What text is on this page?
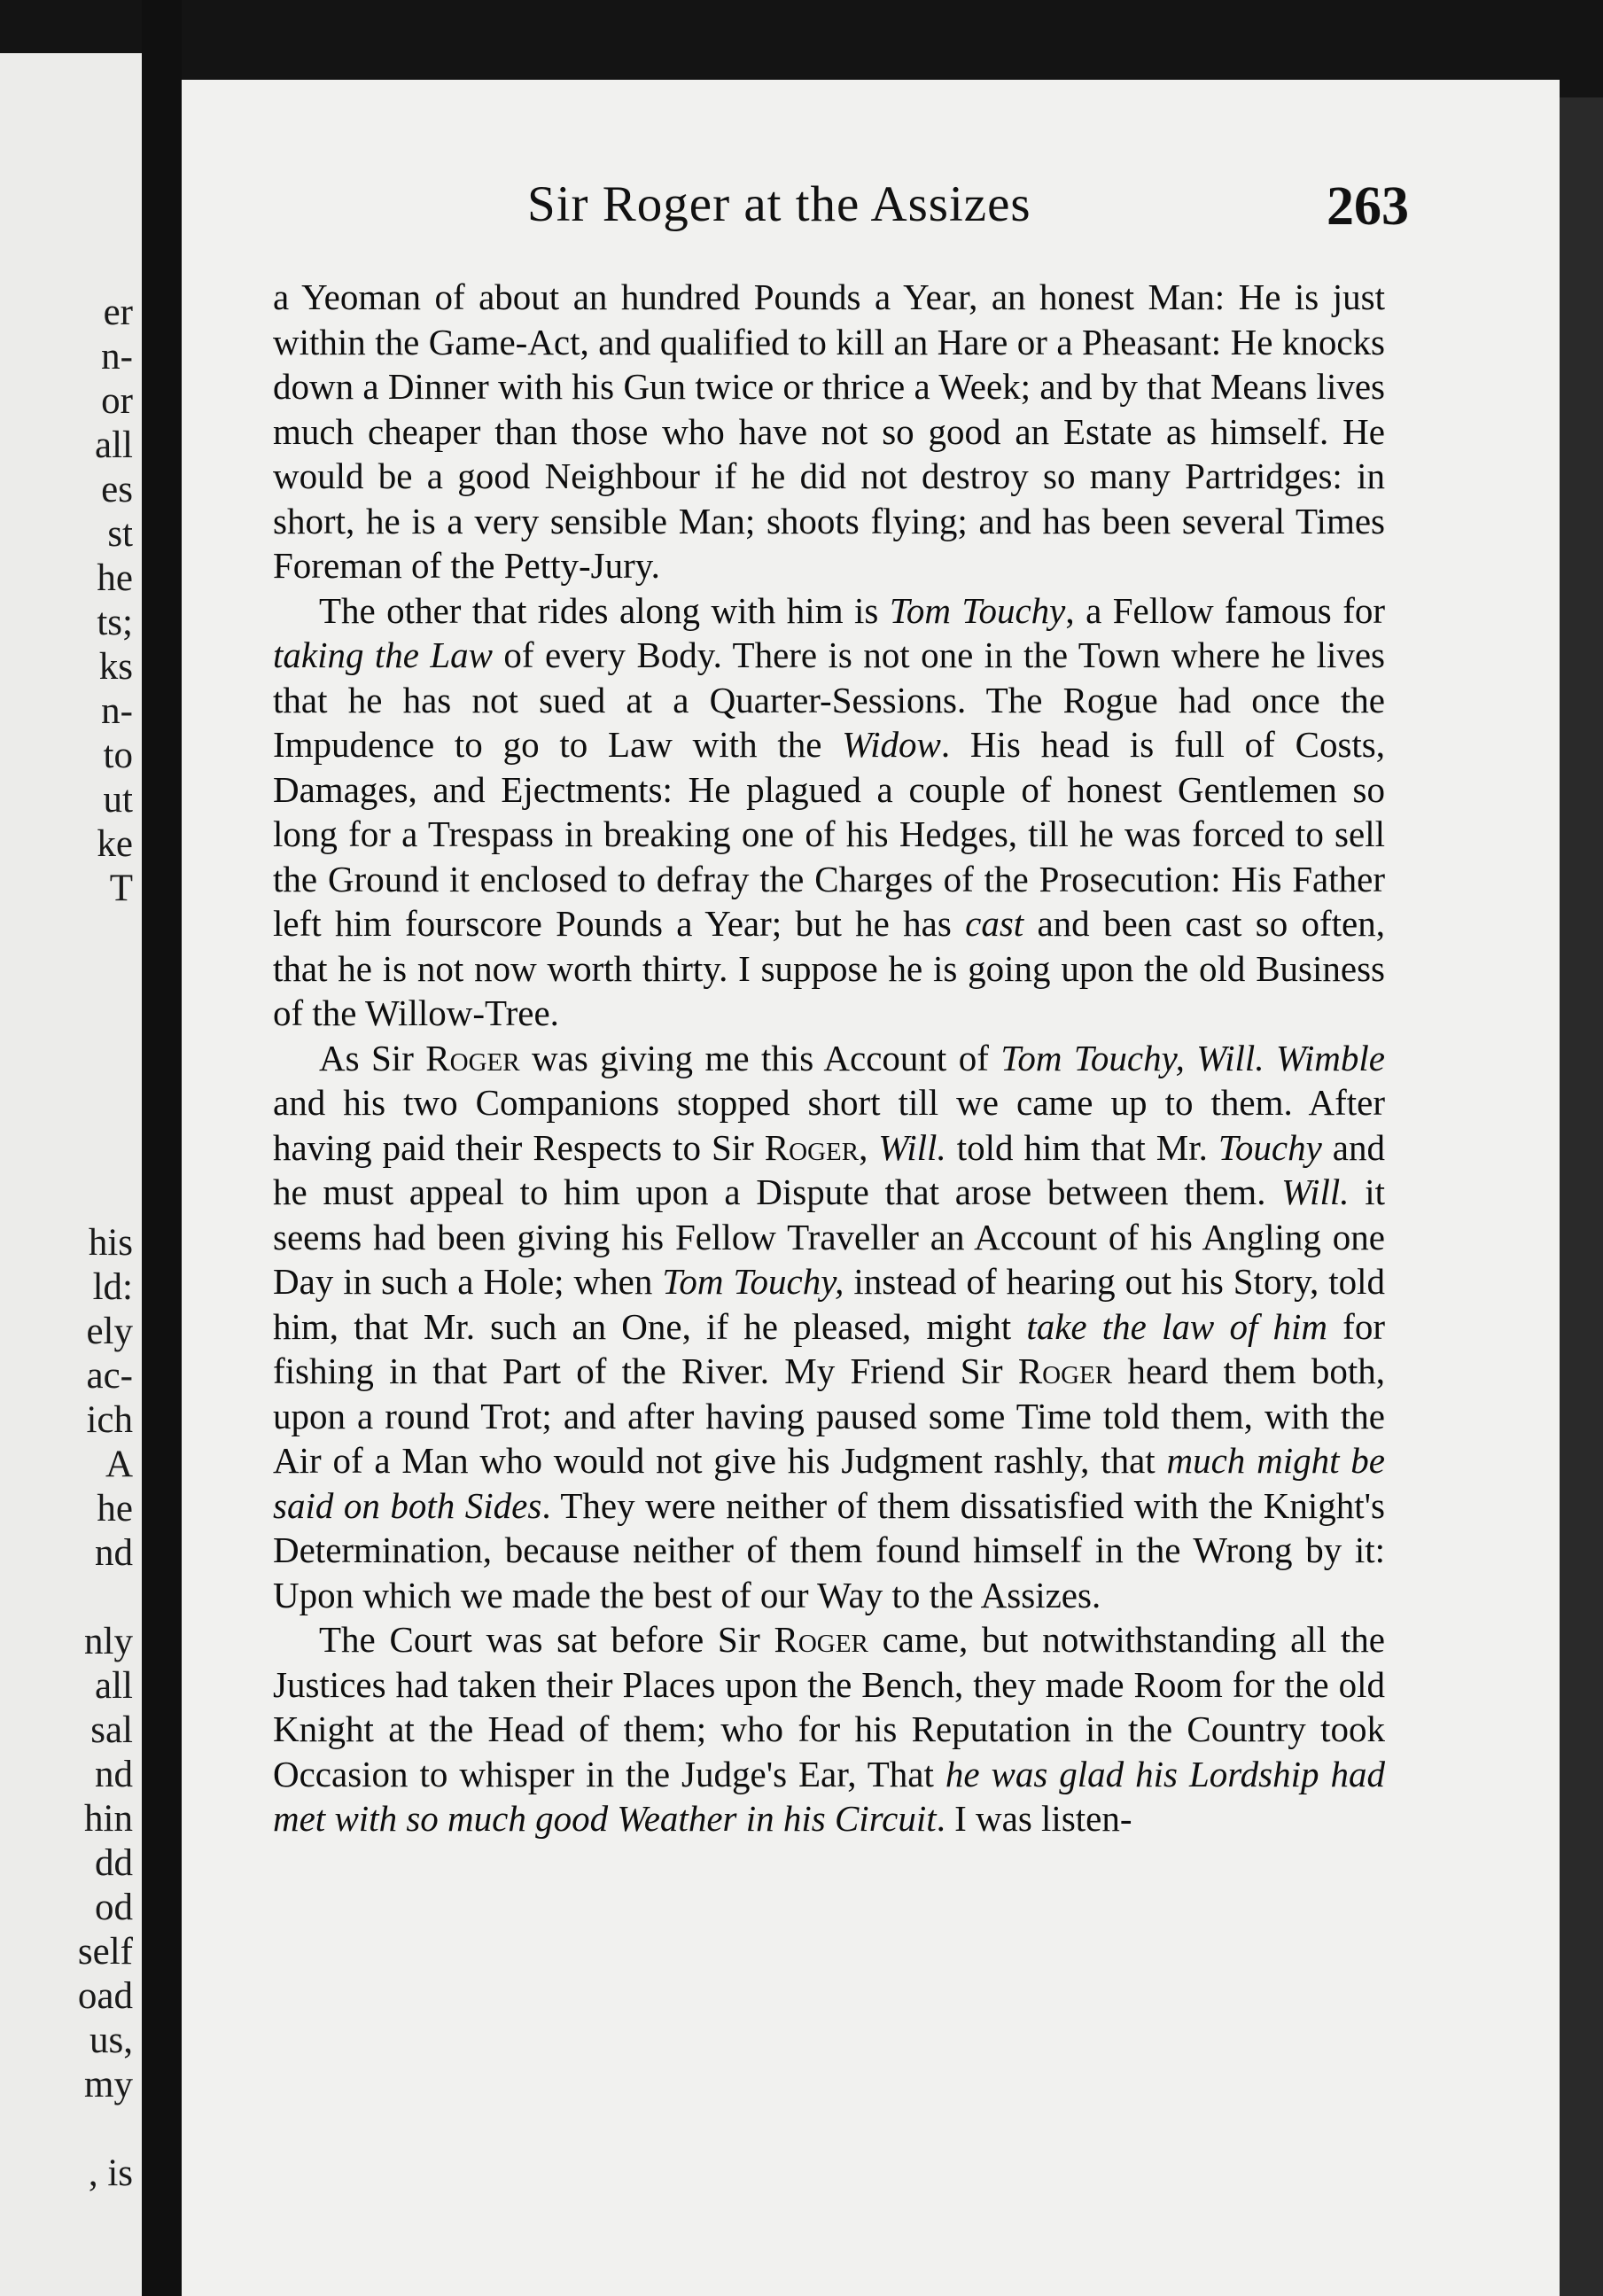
er
n-
or
all
es
st
he
ts;
ks
n-
to
ut
ke
T
his
ld:
ely
ac-
ich
A
he
nd
nly
all
sal
nd
hin
dd
od
self
oad
us,
my
, is
Sir Roger at the Assizes	263

a Yeoman of about an hundred Pounds a Year, an honest Man: He is just within the Game-Act, and qualified to kill an Hare or a Pheasant: He knocks down a Dinner with his Gun twice or thrice a Week; and by that Means lives much cheaper than those who have not so good an Estate as himself. He would be a good Neighbour if he did not destroy so many Partridges: in short, he is a very sensible Man; shoots flying; and has been several Times Foreman of the Petty-Jury.

The other that rides along with him is Tom Touchy, a Fellow famous for taking the Law of every Body. There is not one in the Town where he lives that he has not sued at a Quarter-Sessions. The Rogue had once the Impudence to go to Law with the Widow. His head is full of Costs, Damages, and Ejectments: He plagued a couple of honest Gentlemen so long for a Trespass in breaking one of his Hedges, till he was forced to sell the Ground it enclosed to defray the Charges of the Prosecution: His Father left him fourscore Pounds a Year; but he has cast and been cast so often, that he is not now worth thirty. I suppose he is going upon the old Business of the Willow-Tree.

As Sir Roger was giving me this Account of Tom Touchy, Will. Wimble and his two Companions stopped short till we came up to them. After having paid their Respects to Sir Roger, Will. told him that Mr. Touchy and he must appeal to him upon a Dispute that arose between them. Will. it seems had been giving his Fellow Traveller an Account of his Angling one Day in such a Hole; when Tom Touchy, instead of hearing out his Story, told him, that Mr. such an One, if he pleased, might take the law of him for fishing in that Part of the River. My Friend Sir Roger heard them both, upon a round Trot; and after having paused some Time told them, with the Air of a Man who would not give his Judgment rashly, that much might be said on both Sides. They were neither of them dissatisfied with the Knight's Determination, because neither of them found himself in the Wrong by it: Upon which we made the best of our Way to the Assizes.

The Court was sat before Sir Roger came, but notwithstanding all the Justices had taken their Places upon the Bench, they made Room for the old Knight at the Head of them; who for his Reputation in the Country took Occasion to whisper in the Judge's Ear, That he was glad his Lordship had met with so much good Weather in his Circuit. I was listen-
